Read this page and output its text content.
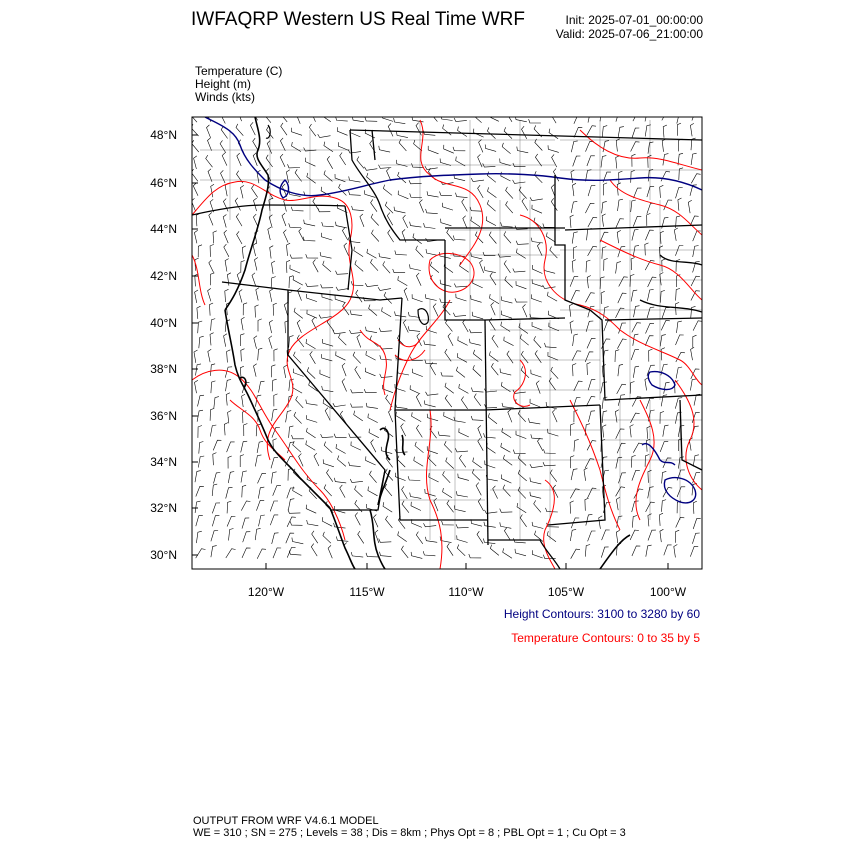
IWFAQRP Western US Real Time WRF	Init: 2025-07-01_00:00:00
Valid: 2025-07-06_21:00:00
Temperature (C)
Height (m)
Winds (kts)
48°N
46°N
44°N
42°N
40°N
38°N
36°N
34°N
32°N
30°N
120°W	115°W	110°W	105°W	100°W
Height Contours: 3100 to 3280 by 60
Temperature Contours: 0 to 35 by 5
OUTPUT FROM WRF V4.6.1 MODEL
WE = 310 ; SN = 275 ; Levels = 38 ; Dis = 8km ; Phys Opt = 8 ; PBL Opt = 1 ; Cu Opt = 3
